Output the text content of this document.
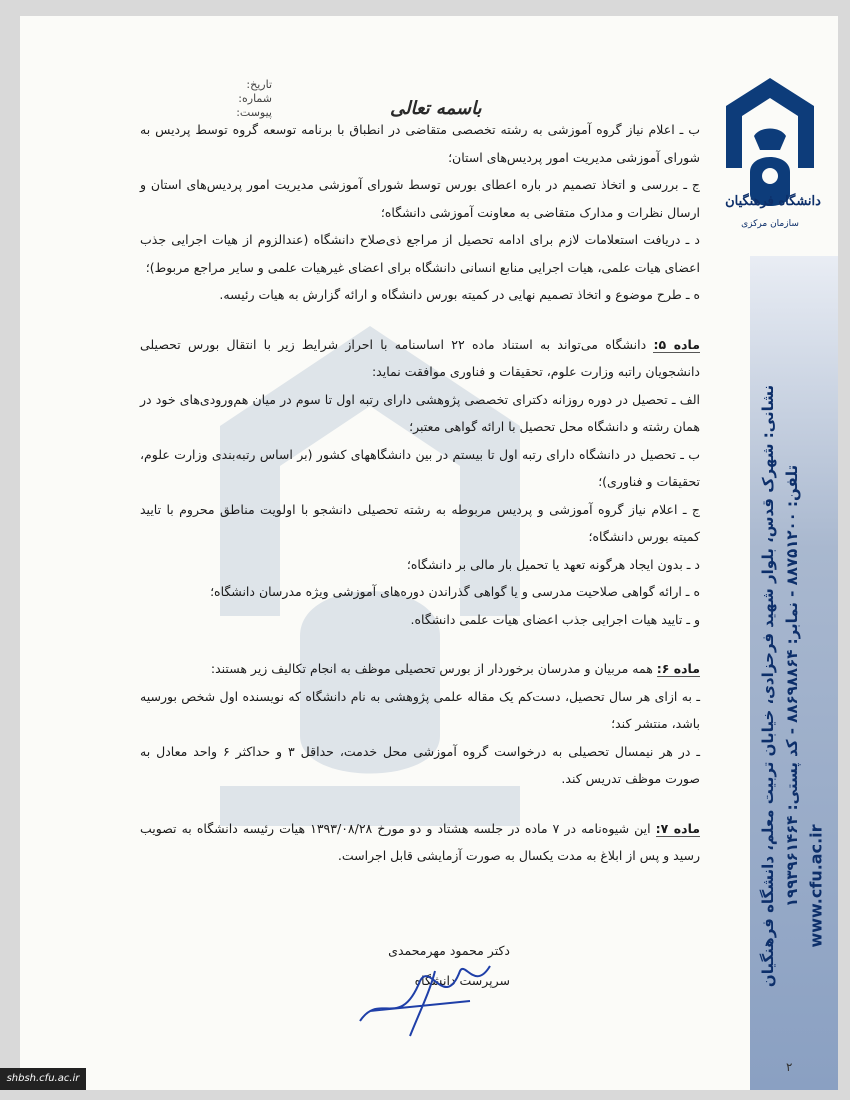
نشانی: شهرک قدس، بلوار شهید فرحزادی، خیابان تربیت معلم، دانشگاه فرهنگیان تلفن: ۸۸۷۵۱۲۰۰ - نمابر: ۸۸۶۹۸۸۶۴ - کد پستی: ۱۹۹۳۹۶۱۴۶۴
www.cfu.ac.ir
دانشگاه فرهنگیان
سازمان مرکزی
باسمه تعالی
تاریخ:
شماره:
پیوست:

ب ـ اعلام نیاز گروه آموزشی به رشته تخصصی متقاضی در انطباق با برنامه توسعه گروه توسط پردیس به شورای آموزشی مدیریت امور پردیس‌های استان؛

ج ـ بررسی و اتخاذ تصمیم در باره اعطای بورس توسط شورای آموزشی مدیریت امور پردیس‌های استان و ارسال نظرات و مدارک متقاضی به معاونت آموزشی دانشگاه؛

د ـ دریافت استعلامات لازم برای ادامه تحصیل از مراجع ذی‌صلاح دانشگاه (عندالزوم از هیات اجرایی جذب اعضای هیات علمی، هیات اجرایی منابع انسانی دانشگاه برای اعضای غیرهیات علمی و سایر مراجع مربوط)؛

ه ـ طرح موضوع و اتخاذ تصمیم نهایی در کمیته بورس دانشگاه و ارائه گزارش به هیات رئیسه.

ماده ۵: دانشگاه می‌تواند به استناد ماده ۲۲ اساسنامه با احراز شرایط زیر با انتقال بورس تحصیلی دانشجویان راتبه وزارت علوم، تحقیقات و فناوری موافقت نماید:

الف ـ تحصیل در دوره روزانه دکترای تخصصی پژوهشی دارای رتبه اول تا سوم در میان هم‌ورودی‌های خود در همان رشته و دانشگاه محل تحصیل با ارائه گواهی معتبر؛

ب ـ تحصیل در دانشگاه دارای رتبه اول تا بیستم در بین دانشگاههای کشور (بر اساس رتبه‌بندی وزارت علوم، تحقیقات و فناوری)؛

ج ـ اعلام نیاز گروه آموزشی و پردیس مربوطه به رشته تحصیلی دانشجو با اولویت مناطق محروم با تایید کمیته بورس دانشگاه؛

د ـ بدون ایجاد هرگونه تعهد یا تحمیل بار مالی بر دانشگاه؛

ه ـ ارائه گواهی صلاحیت مدرسی و یا گواهی گذراندن دوره‌های آموزشی ویژه مدرسان دانشگاه؛

و ـ تایید هیات اجرایی جذب اعضای هیات علمی دانشگاه.

ماده ۶: همه مربیان و مدرسان برخوردار از بورس تحصیلی موظف به انجام تکالیف زیر هستند:

ـ به ازای هر سال تحصیل، دست‌کم یک مقاله علمی پژوهشی به نام دانشگاه که نویسنده اول شخص بورسیه باشد، منتشر کند؛

ـ در هر نیمسال تحصیلی به درخواست گروه آموزشی محل خدمت، حداقل ۳ و حداکثر ۶ واحد معادل به صورت موظف تدریس کند.

ماده ۷: این شیوه‌نامه در ۷ ماده در جلسه هشتاد و دو مورخ ۱۳۹۳/۰۸/۲۸ هیات رئیسه دانشگاه به تصویب رسید و پس از ابلاغ به مدت یکسال به صورت آزمایشی قابل اجراست.

دکتر محمود مهرمحمدی
سرپرست دانشگاه
۲
shbsh.cfu.ac.ir
